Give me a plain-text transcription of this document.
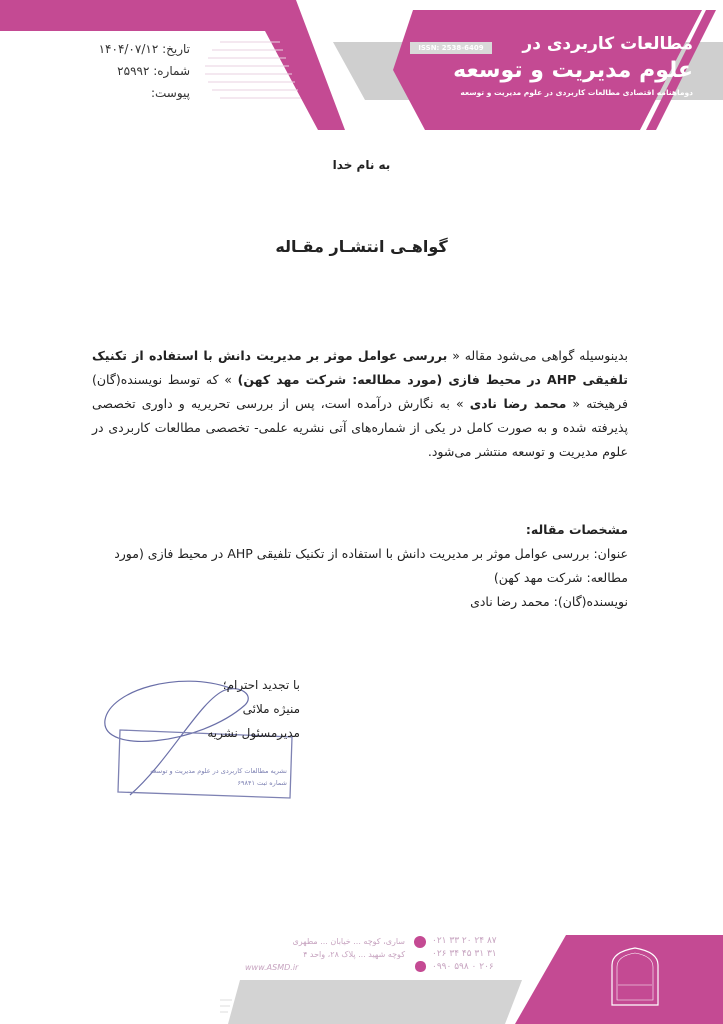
ISSN: 2538-6409	مطالعات کاربردی در
علوم مدیریت و توسعه
دوماهنامه اقتصادی مطالعات کاربردی در علوم مدیریت و توسعه
تاریخ: ۱۴۰۴/۰۷/۱۲
شماره: ۲۵۹۹۲
پیوست:
به نام خدا
گواهـی انتشـار مقـاله
بدینوسیله گواهی می‌شود مقاله « بررسی عوامل موثر بر مدیریت دانش با استفاده از تکنیک تلفیقی AHP در محیط فازی (مورد مطالعه: شرکت مهد کهن) » که توسط نویسنده(گان) فرهیخته « محمد رضا نادی » به نگارش درآمده است، پس از بررسی تحریریه و داوری تخصصی پذیرفته شده و به صورت کامل در یکی از شماره‌های آتی نشریه علمی- تخصصی مطالعات کاربردی در علوم مدیریت و توسعه منتشر می‌شود.
مشخصات مقاله:
عنوان: بررسی عوامل موثر بر مدیریت دانش با استفاده از تکنیک تلفیقی AHP در محیط فازی (مورد مطالعه: شرکت مهد کهن)
نویسنده(گان): محمد رضا نادی
با تجدید احترام؛
منیژه ملائی
مدیرمسئول نشریه
نشریه مطالعات کاربردی در علوم مدیریت و توسعه
شماره ثبت ۶۹۸۴۱
ساری، کوچه ... خیابان ... مطهری
کوچه شهید ... پلاک ۲۸، واحد ۴
www.ASMD.ir
۰۲۱ ۳۳ ۲۰ ۲۴ ۸۷
۰۲۶ ۳۴ ۴۵ ۳۱ ۳۱
۰۹۹۰ ۵۹۸ ۰ ۲۰۶
